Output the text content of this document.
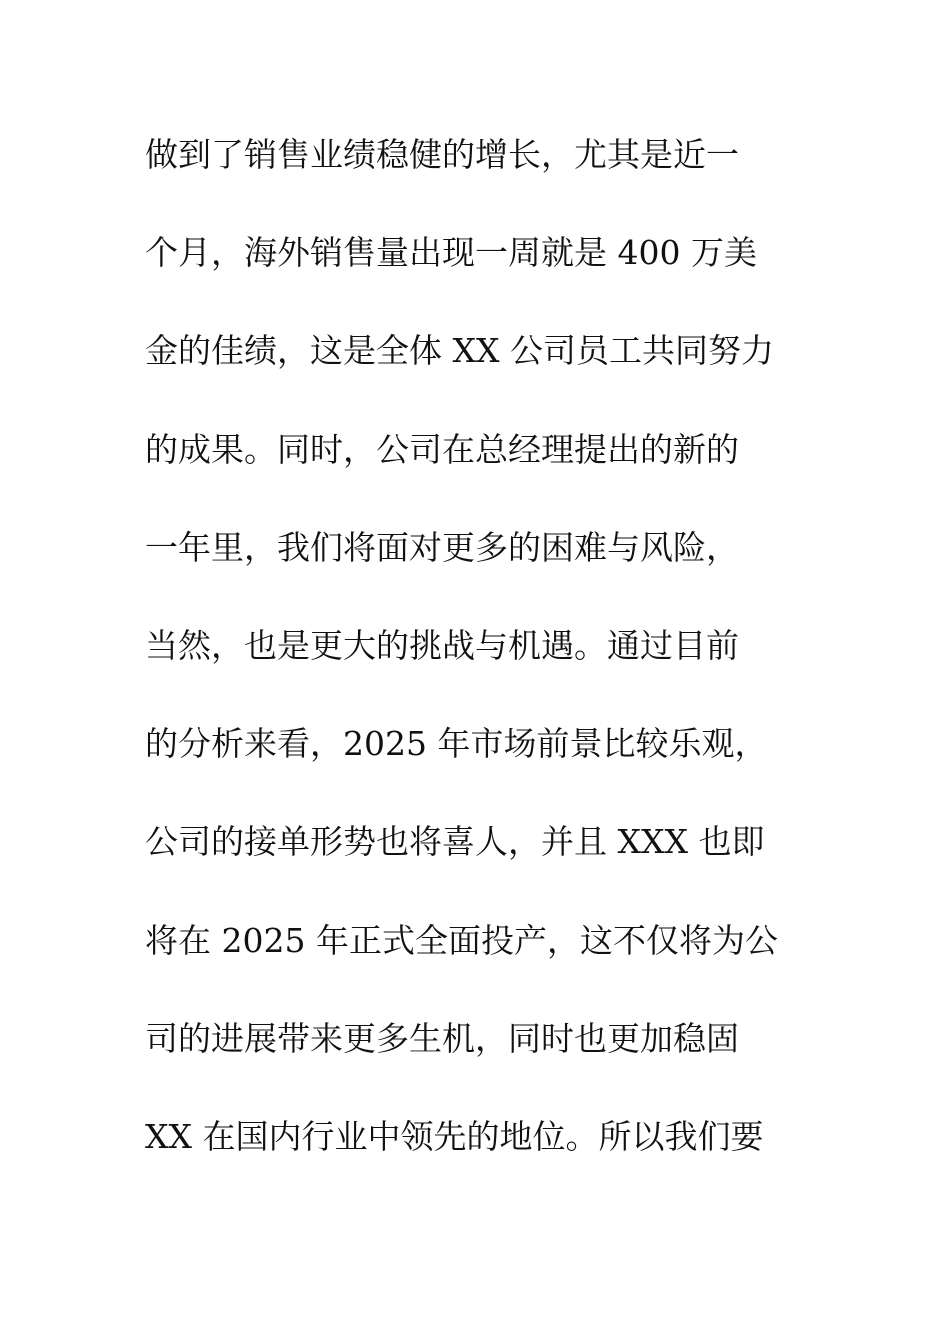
做到了销售业绩稳健的增长，尤其是近一
个月，海外销售量出现一周就是 400 万美
金的佳绩，这是全体 XX 公司员工共同努力
的成果。同时，公司在总经理提出的新的
一年里，我们将面对更多的困难与风险，
当然，也是更大的挑战与机遇。通过目前
的分析来看，2025 年市场前景比较乐观，
公司的接单形势也将喜人，并且 XXX 也即
将在 2025 年正式全面投产，这不仅将为公
司的进展带来更多生机，同时也更加稳固
XX 在国内行业中领先的地位。所以我们要
